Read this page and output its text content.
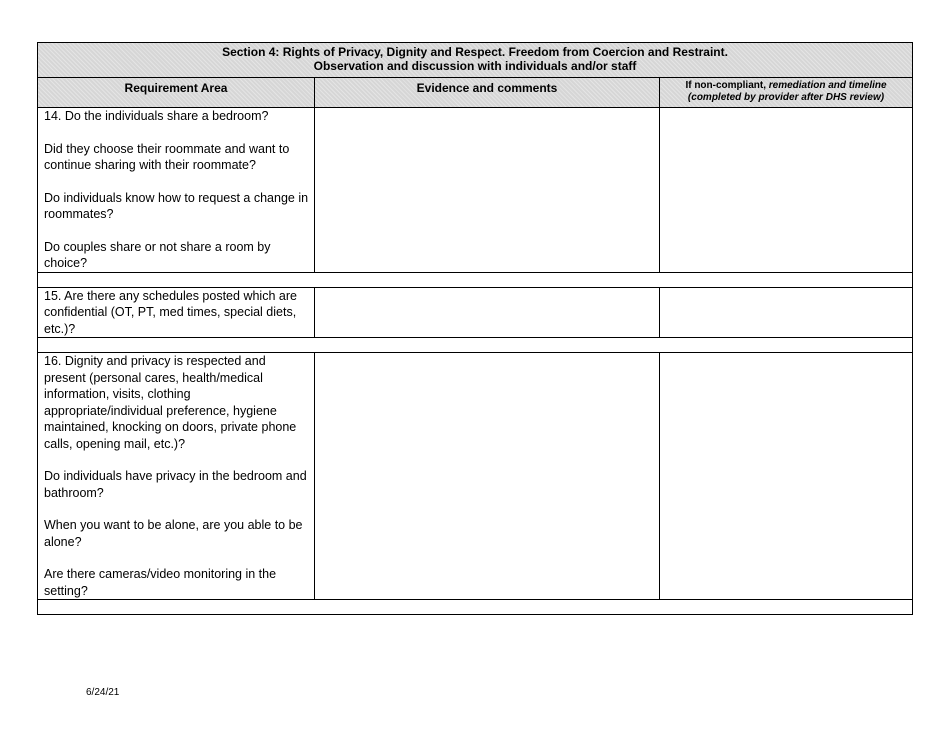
Section 4: Rights of Privacy, Dignity and Respect. Freedom from Coercion and Restraint.
Observation and discussion with individuals and/or staff		

Requirement Area	Evidence and comments	If non-compliant, remediation and timeline
(completed by provider after DHS review)

14. Do the individuals share a bedroom?

Did they choose their roommate and want to continue sharing with their roommate?

Do individuals know how to request a change in roommates?

Do couples share or not share a room by choice?		

15. Are there any schedules posted which are confidential (OT, PT, med times, special diets, etc.)?		

16. Dignity and privacy is respected and present (personal cares, health/medical information, visits, clothing appropriate/individual preference, hygiene maintained, knocking on doors, private phone calls, opening mail, etc.)?

Do individuals have privacy in the bedroom and bathroom?

When you want to be alone, are you able to be alone?

Are there cameras/video monitoring in the setting?		

6/24/21
